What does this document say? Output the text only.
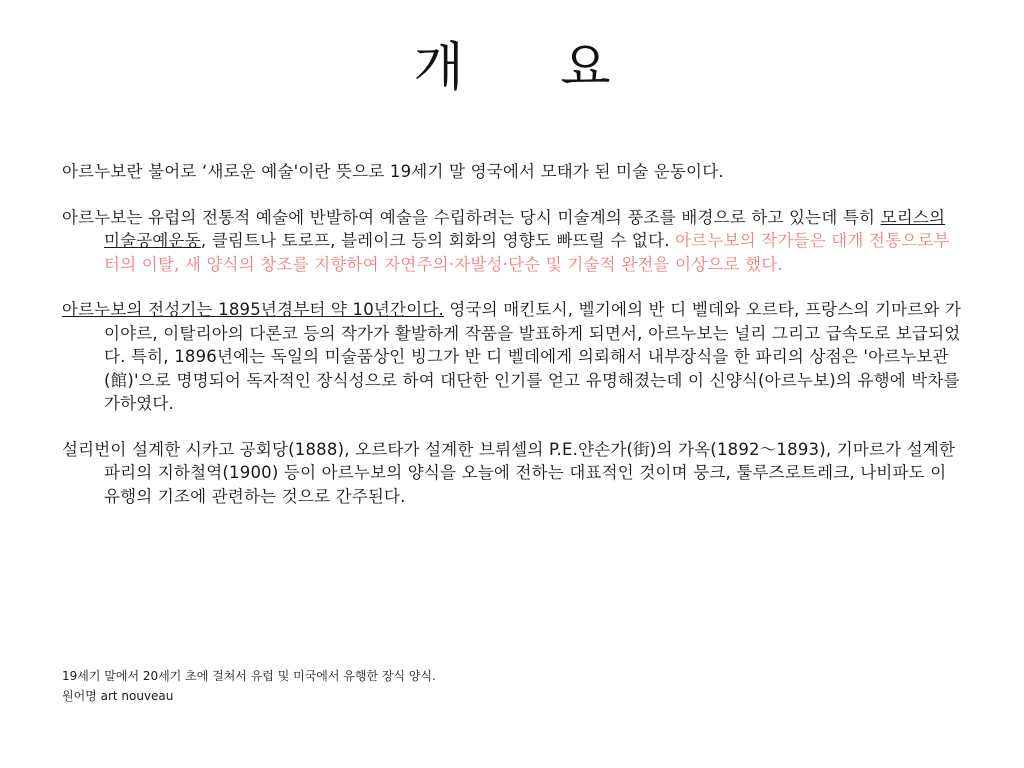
개 요

아르누보란 불어로 ‘새로운 예술'이란 뜻으로 19세기 말 영국에서 모태가 된 미술 운동이다.

아르누보는 유럽의 전통적 예술에 반발하여 예술을 수립하려는 당시 미술계의 풍조를 배경으로 하고 있는데 특히 모리스의 미술공예운동, 클림트나 토로프, 블레이크 등의 회화의 영향도 빠뜨릴 수 없다. 아르누보의 작가들은 대개 전통으로부터의 이탈, 새 양식의 창조를 지향하여 자연주의·자발성·단순 및 기술적 완전을 이상으로 했다.

아르누보의 전성기는 1895년경부터 약 10년간이다. 영국의 매킨토시, 벨기에의 반 디 벨데와 오르타, 프랑스의 기마르와 가이야르, 이탈리아의 다론코 등의 작가가 활발하게 작품을 발표하게 되면서, 아르누보는 널리 그리고 급속도로 보급되었다. 특히, 1896년에는 독일의 미술품상인 빙그가 반 디 벨데에게 의뢰해서 내부장식을 한 파리의 상점은 '아르누보관(館)'으로 명명되어 독자적인 장식성으로 하여 대단한 인기를 얻고 유명해졌는데 이 신양식(아르누보)의 유행에 박차를 가하였다.

설리번이 설계한 시카고 공회당(1888), 오르타가 설계한 브뤼셀의 P.E.얀손가(街)의 가옥(1892～1893), 기마르가 설계한 파리의 지하철역(1900) 등이 아르누보의 양식을 오늘에 전하는 대표적인 것이며 뭉크, 툴루즈로트레크, 나비파도 이 유행의 기조에 관련하는 것으로 간주된다.

19세기 말에서 20세기 초에 걸쳐서 유럽 및 미국에서 유행한 장식 양식.
원어명 art nouveau
